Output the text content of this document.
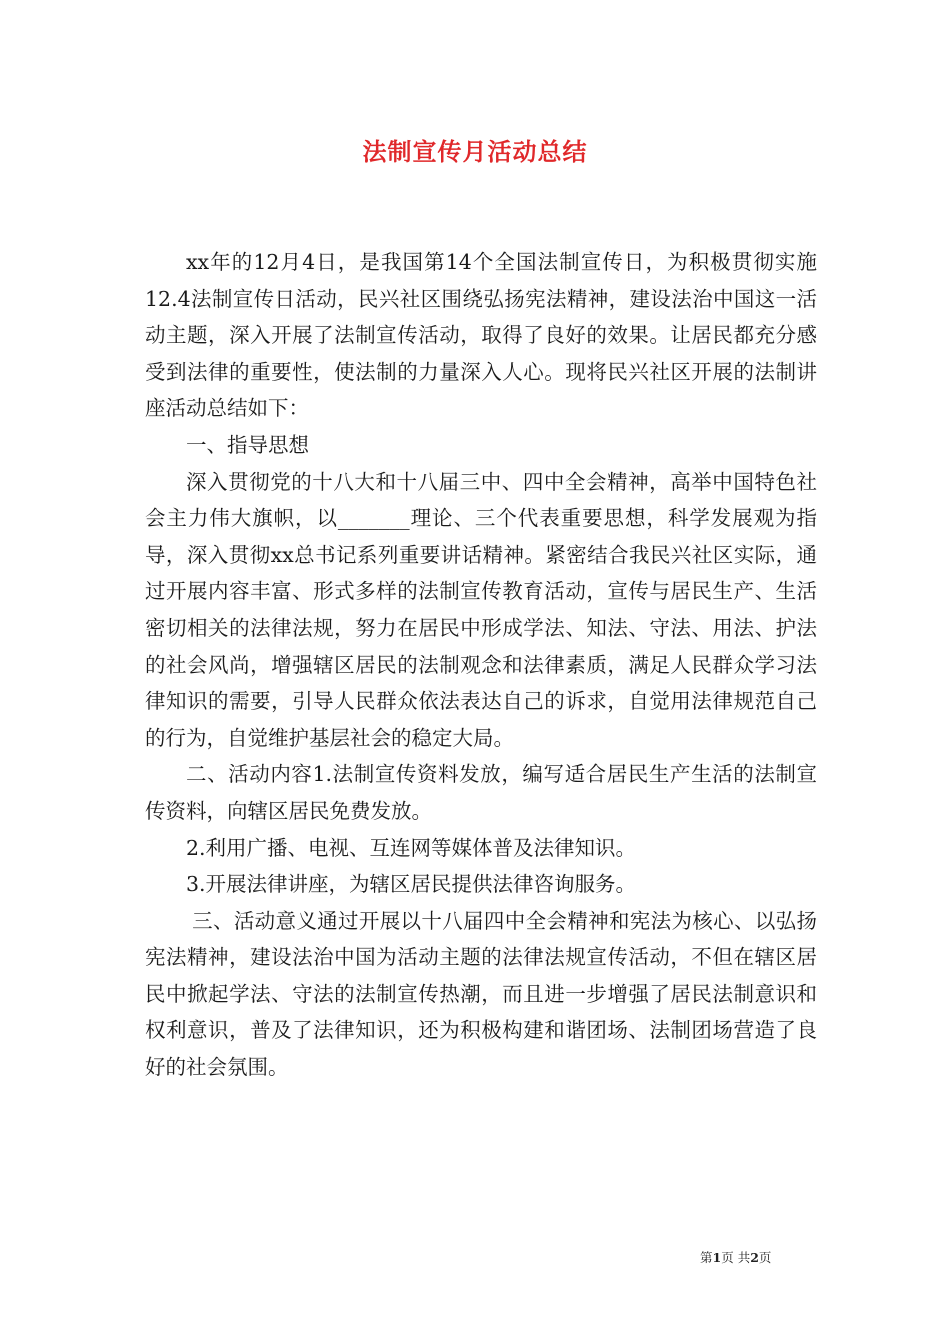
法制宣传月活动总结

xx年的12月4日，是我国第14个全国法制宣传日，为积极贯彻实施12.4法制宣传日活动，民兴社区围绕弘扬宪法精神，建设法治中国这一活动主题，深入开展了法制宣传活动，取得了良好的效果。让居民都充分感受到法律的重要性，使法制的力量深入人心。现将民兴社区开展的法制讲座活动总结如下：

一、指导思想

深入贯彻党的十八大和十八届三中、四中全会精神，高举中国特色社会主力伟大旗帜，以_______理论、三个代表重要思想，科学发展观为指导，深入贯彻xx总书记系列重要讲话精神。紧密结合我民兴社区实际，通过开展内容丰富、形式多样的法制宣传教育活动，宣传与居民生产、生活密切相关的法律法规，努力在居民中形成学法、知法、守法、用法、护法的社会风尚，增强辖区居民的法制观念和法律素质，满足人民群众学习法律知识的需要，引导人民群众依法表达自己的诉求，自觉用法律规范自己的行为，自觉维护基层社会的稳定大局。

二、活动内容1.法制宣传资料发放，编写适合居民生产生活的法制宣传资料，向辖区居民免费发放。

2.利用广播、电视、互连网等媒体普及法律知识。

3.开展法律讲座，为辖区居民提供法律咨询服务。

三、活动意义通过开展以十八届四中全会精神和宪法为核心、以弘扬宪法精神，建设法治中国为活动主题的法律法规宣传活动，不但在辖区居民中掀起学法、守法的法制宣传热潮，而且进一步增强了居民法制意识和权利意识，普及了法律知识，还为积极构建和谐团场、法制团场营造了良好的社会氛围。

第1页 共2页
